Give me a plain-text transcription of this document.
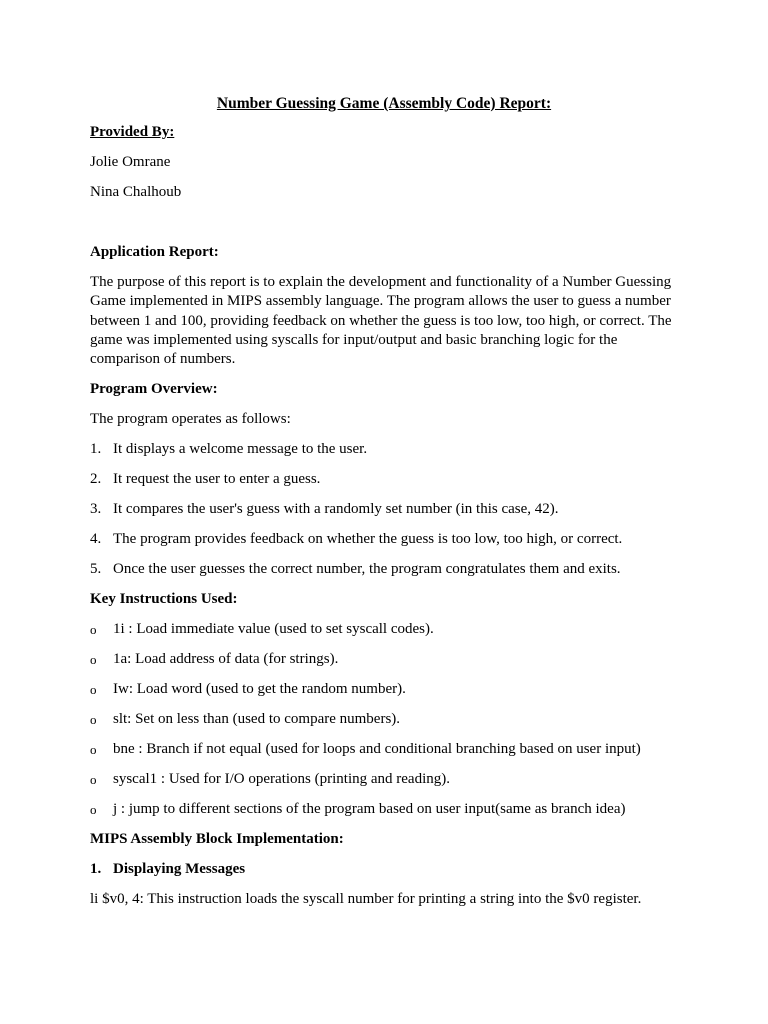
Number Guessing Game (Assembly Code) Report:
Provided By:
Jolie Omrane
Nina Chalhoub
Application Report:
The purpose of this report is to explain the development and functionality of a Number Guessing Game implemented in MIPS assembly language. The program allows the user to guess a number between 1 and 100, providing feedback on whether the guess is too low, too high, or correct. The game was implemented using syscalls for input/output and basic branching logic for the comparison of numbers.
Program Overview:
The program operates as follows:
1. It displays a welcome message to the user.
2. It request the user to enter a guess.
3. It compares the user's guess with a randomly set number (in this case, 42).
4. The program provides feedback on whether the guess is too low, too high, or correct.
5. Once the user guesses the correct number, the program congratulates them and exits.
Key Instructions Used:
o	1i : Load immediate value (used to set syscall codes).
o	1a: Load address of data (for strings).
o	Iw: Load word (used to get the random number).
o	slt: Set on less than (used to compare numbers).
o	bne : Branch if not equal (used for loops and conditional branching based on user input)
o	syscal1 : Used for I/O operations (printing and reading).
o	j : jump to different sections of the program based on user input(same as branch idea)
MIPS Assembly Block Implementation:
1. Displaying Messages
li $v0, 4: This instruction loads the syscall number for printing a string into the $v0 register.
